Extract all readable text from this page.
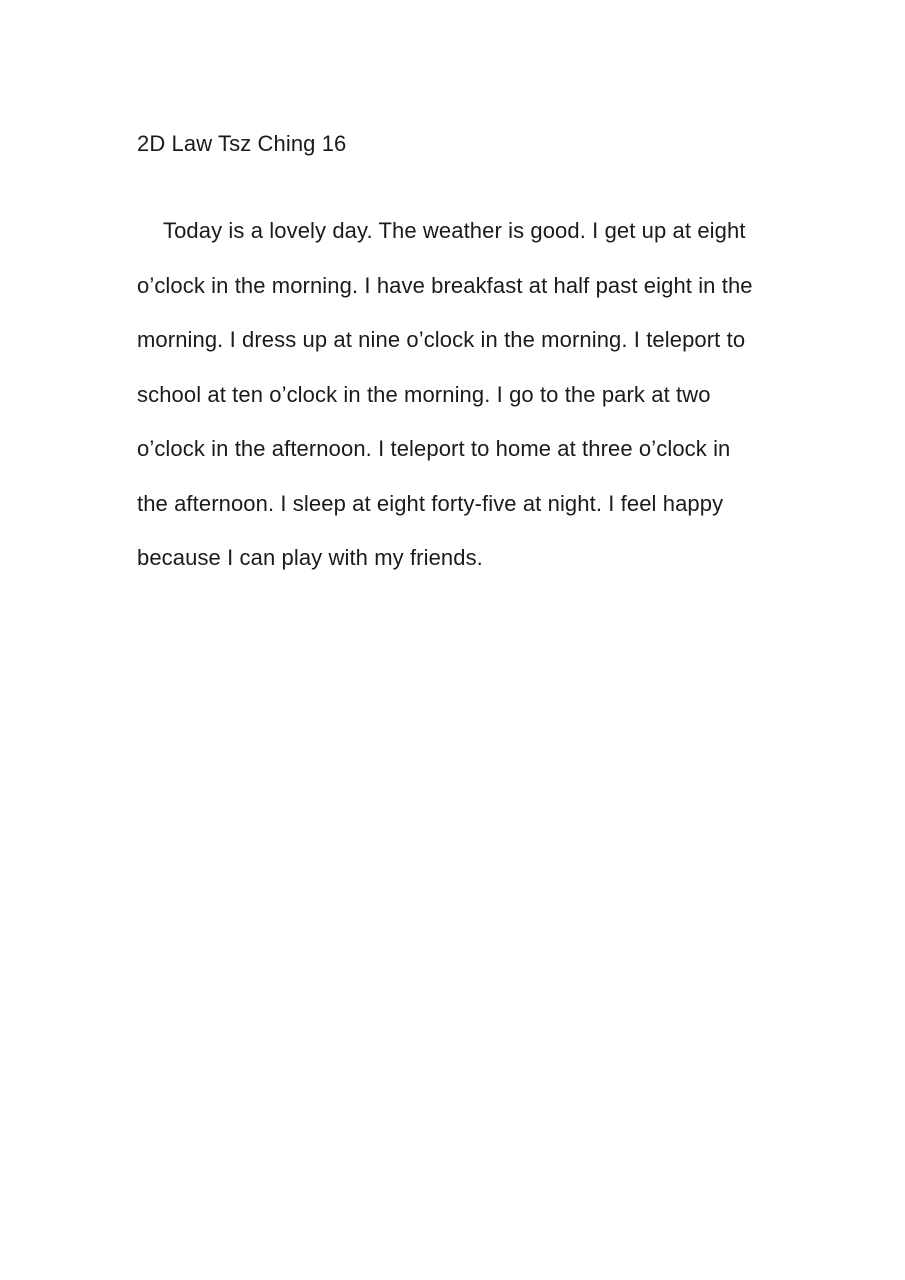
2D Law Tsz Ching 16
Today is a lovely day. The weather is good. I get up at eight
o’clock in the morning. I have breakfast at half past eight in the
morning. I dress up at nine o’clock in the morning. I teleport to
school at ten o’clock in the morning. I go to the park at two
o’clock in the afternoon. I teleport to home at three o’clock in
the afternoon. I sleep at eight forty-five at night. I feel happy
because I can play with my friends.
